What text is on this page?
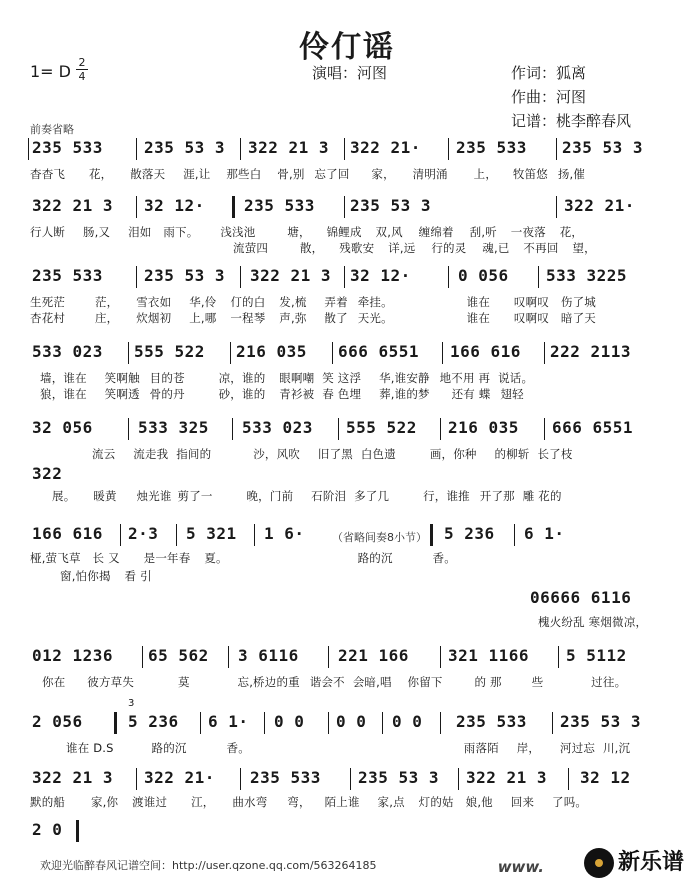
伶仃谣
1= D 2
4	演唱：河图	作词：狐离
作曲：河图
记谱：桃李醉春风
前奏省略
235 533	235 53 3 322 21 3 322 21· 235 533 235 53 3
杳杳飞 花， 散落天 涯,让 那些白 骨,别 忘了回 家， 清明涌 上， 牧笛悠 扬,催
322 21 3 32 12· 235 533 235 53 3	322 21·
行人断 肠,又 泪如 雨下。 浅浅池	塘， 锦鲤成 双,风 缠绵着 刮,听 一夜落 花，
流萤四	散， 残歌安 详,远 行的灵 魂,已 不再回 望，
235 533	235 53 3 322 21 3 32 12·	0 056 533 3225
生死茫	茫， 雪衣如 华,伶 仃的白 发,梳 弄着 牵挂。	谁在 叹啊叹 伤了城
杏花村	庄， 炊烟初 上,哪 一程琴 声,弥 散了 天光。	谁在 叹啊叹 暗了天
533 023 555 522 216 035 666 6551 166 616 222 2113
墙，谁在 笑啊触 目的苍	凉，谁的 眼啊嘲 笑 这浮 华,谁安静 地不用 再 说话。
狼，谁在 笑啊透 骨的丹	砂，谁的 青衫被 春 色埋 葬,谁的梦 还有 蝶 翅轻
32 056	533 325 533 023 555 522 216 035 666 6551
流云 流走我 指间的	沙，风吹 旧了黑 白色遗	画，你种 的柳斩 长了枝
322
展。 暖黄 烛光谁 剪了一	晚，门前 石阶泪 多了几	行，谁推 开了那 雕 花的
166 616 2·3 5 321 1 6· （省略间奏8小节） 5 236 6 1·
桠,萤飞草 长 又 是一年春 夏。	路的沉	香。
窗,怕你揭 看 引
06666 6116
槐火纷乱 寒烟微凉，
012 1236 65 562 3 6116 221 166 321 1166 5 5112
你在 彼方草失	莫	忘,桥边的重 谐会不 会暗,唱 你留下	的 那	些	过往。
3
2 056	5 236 6 1· 0 0 0 0 0 0 235 533 235 53 3
谁在 D.S	路的沉	香。	雨落陌 岸， 河过忘 川,沉
322 21 3 322 21· 235 533 235 53 3 322 21 3 32 12
默的船 家,你 渡谁过 江， 曲水弯 弯， 陌上谁 家,点 灯的姑 娘,他 回来 了吗。
2 0
欢迎光临醉春风记谱空间：http://user.qzone.qq.com/563264185	www.	新乐谱
